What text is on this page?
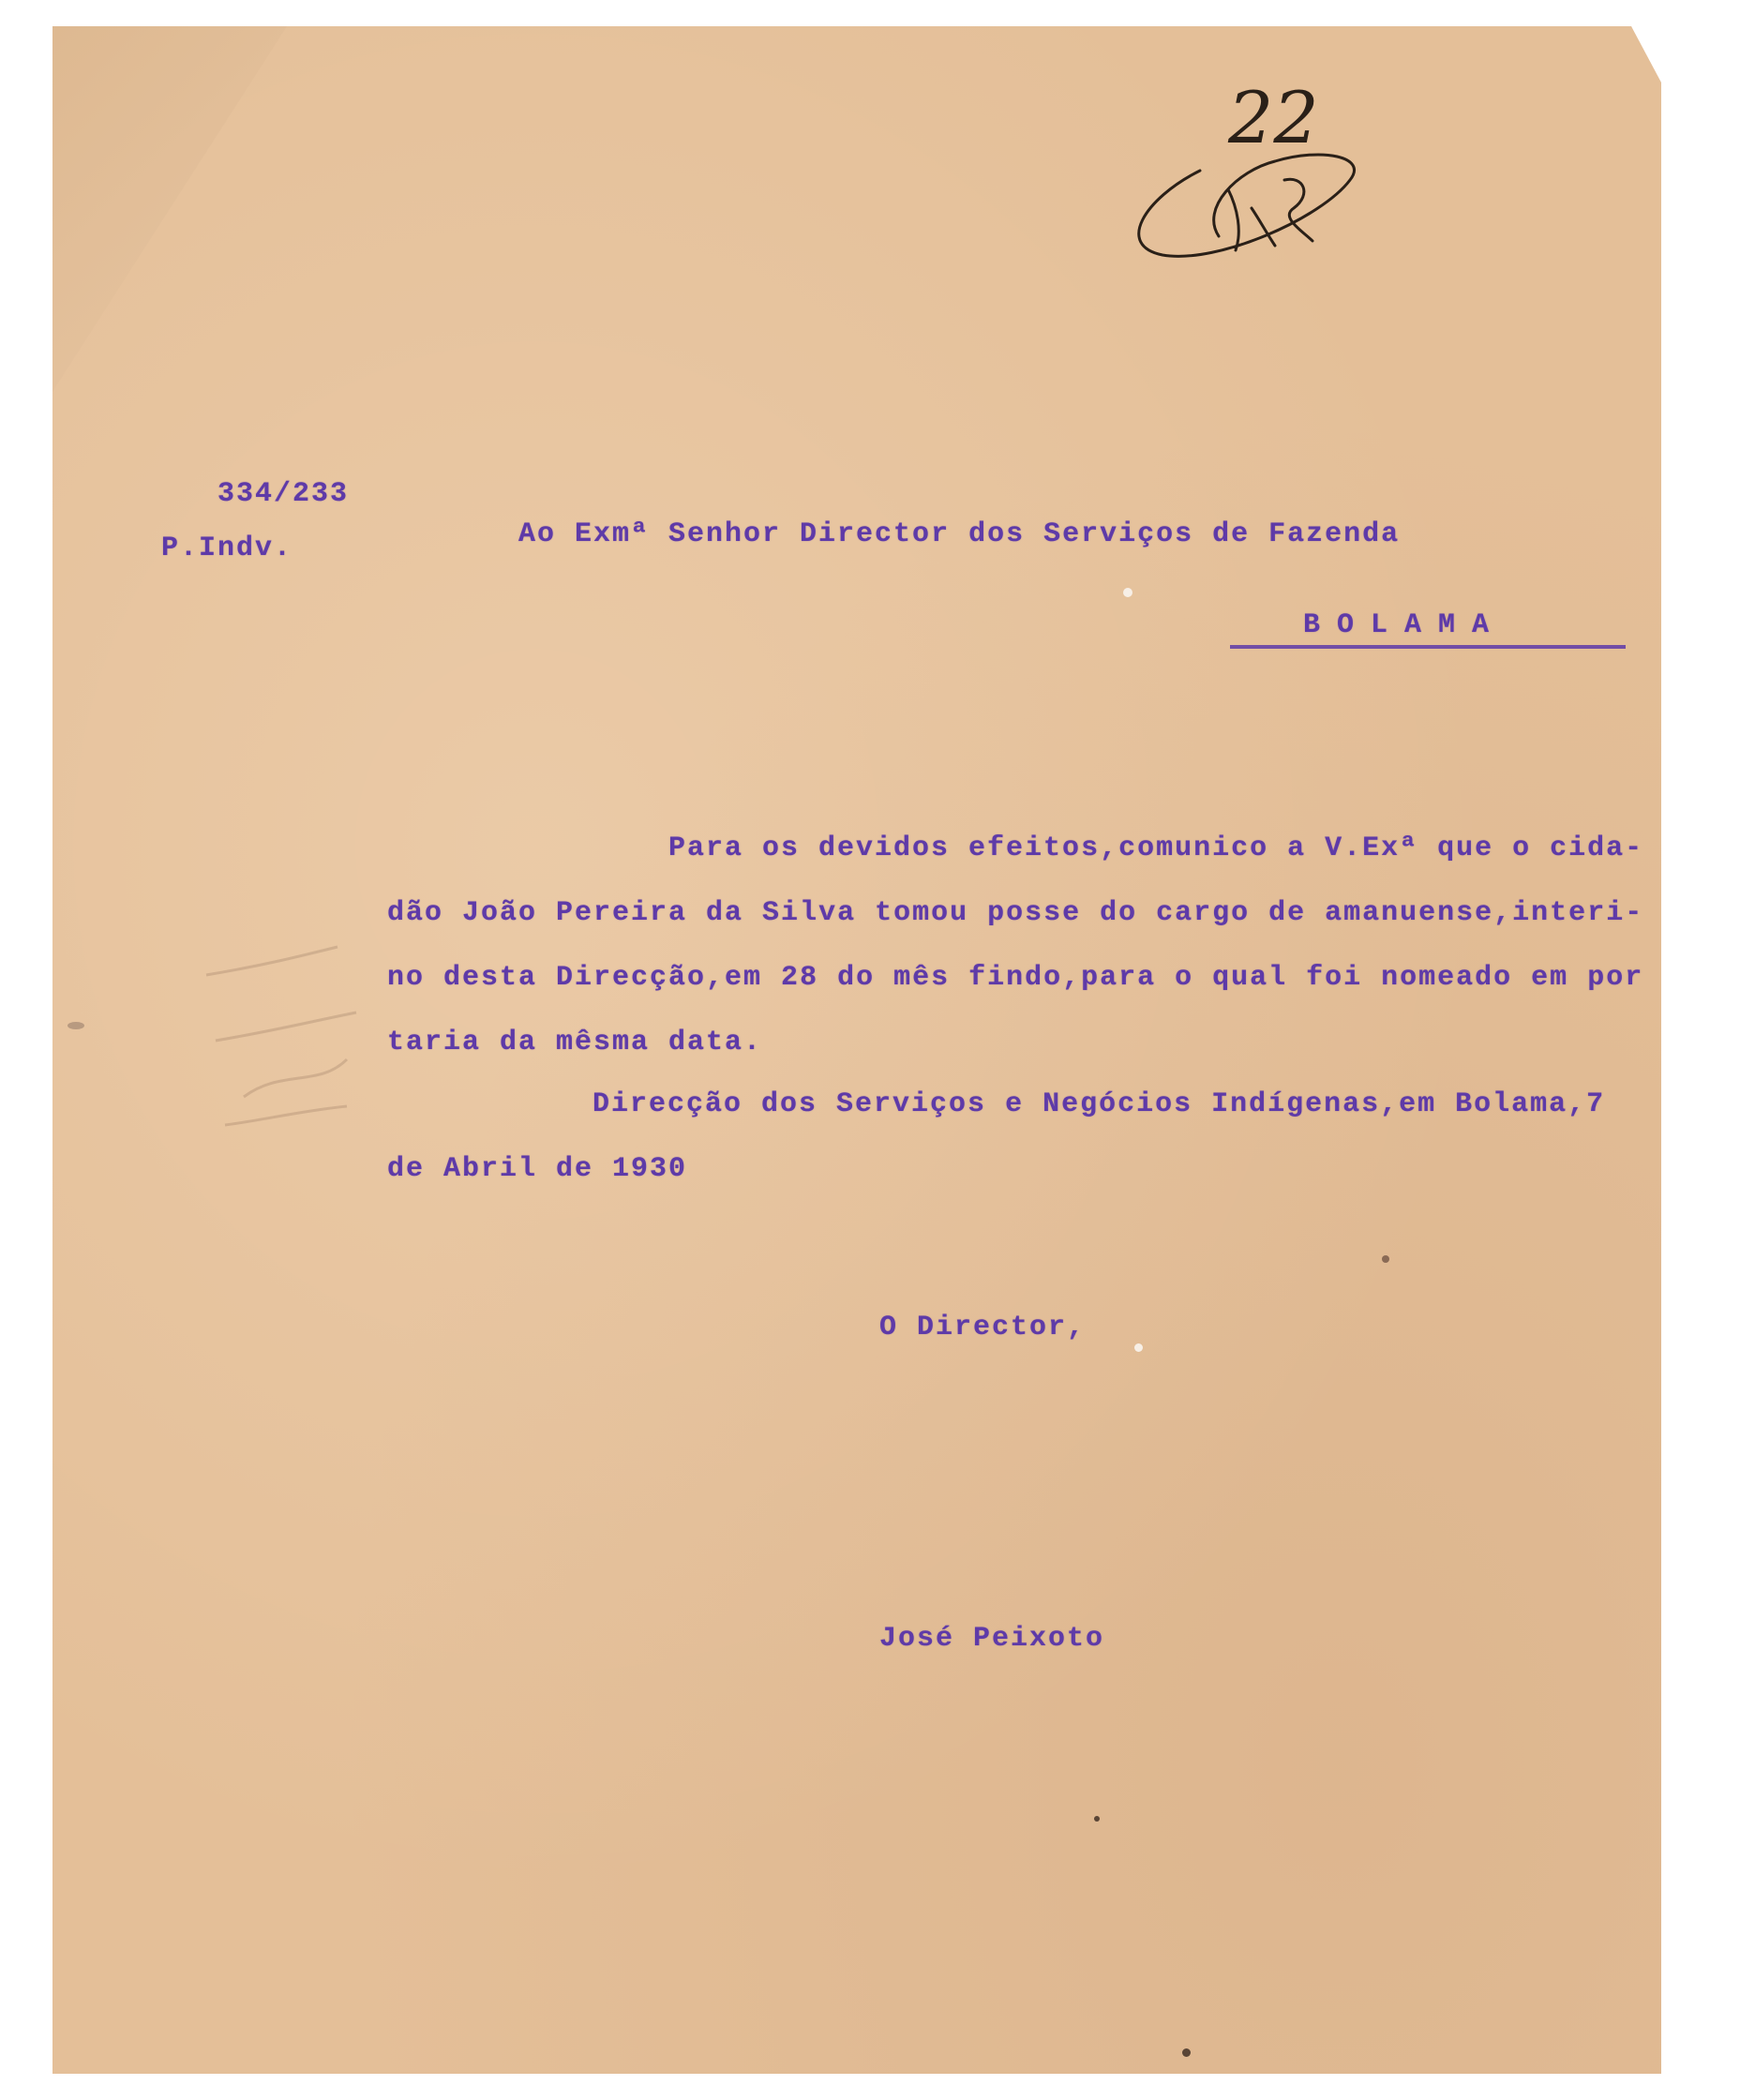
22
334/233
P.Indv.	Ao Exmª Senhor Director dos Serviços de Fazenda
BOLAMA
Para os devidos efeitos,comunico a V.Exª que o cida-
dão João Pereira da Silva tomou posse do cargo de amanuense,interi-
no desta Direcção,em 28 do mês findo,para o qual foi nomeado em por
taria da mêsma data.
Direcção dos Serviços e Negócios Indígenas,em Bolama,7
de Abril de 1930
O Director,
José Peixoto
